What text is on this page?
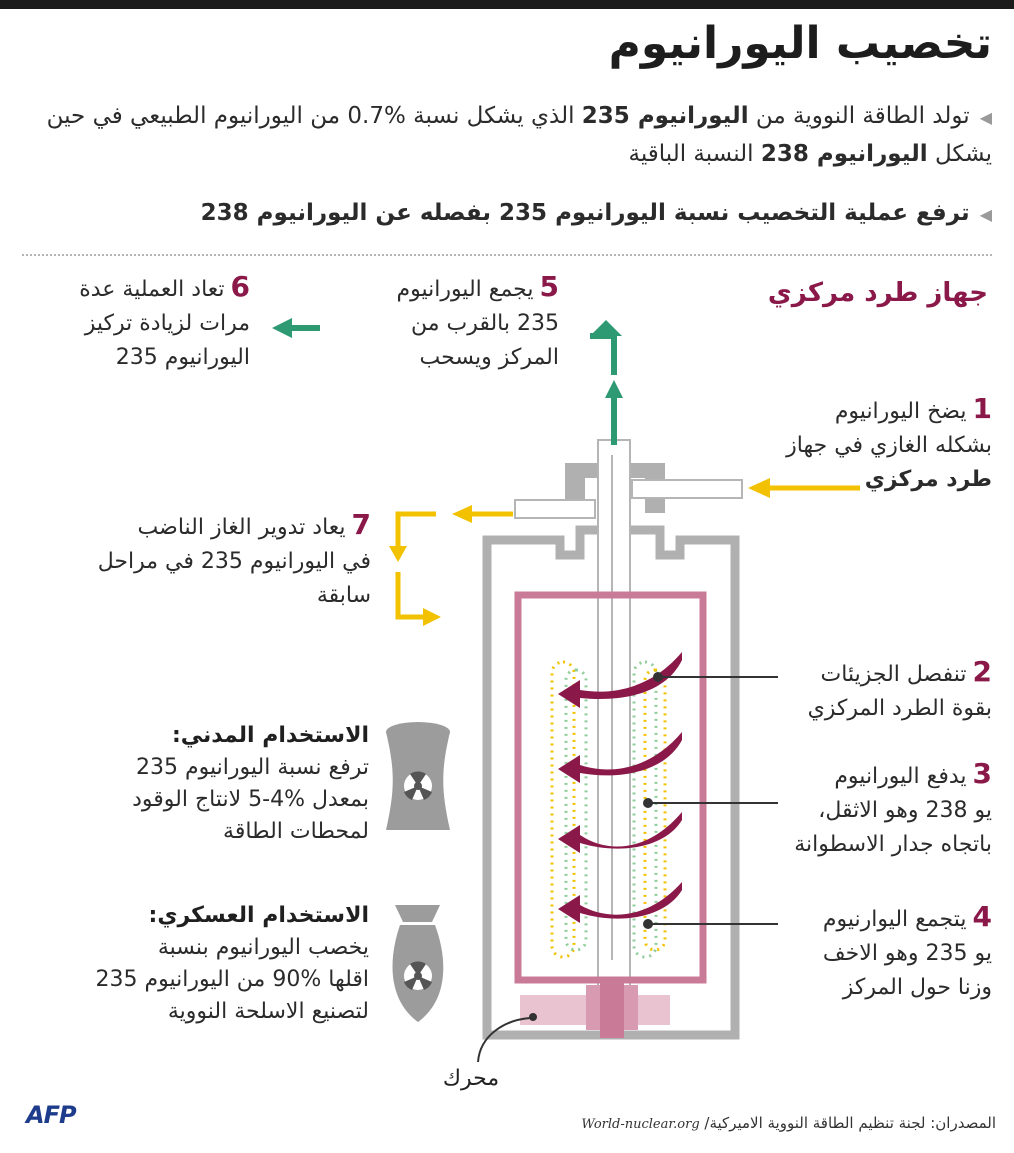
تخصيب اليورانيوم
◀تولد الطاقة النووية من اليورانيوم 235 الذي يشكل نسبة %0.7 من اليورانيوم الطبيعي في حين يشكل اليورانيوم 238 النسبة الباقية
◀ترفع عملية التخصيب نسبة اليورانيوم 235 بفصله عن اليورانيوم 238
جهاز طرد مركزي
1يضخ اليورانيوم
بشكله الغازي في جهاز
طرد مركزي
5يجمع اليورانيوم
235 بالقرب من
المركز ويسحب
6تعاد العملية عدة
مرات لزيادة تركيز
اليورانيوم 235
7يعاد تدوير الغاز الناضب
في اليورانيوم 235 في مراحل
سابقة
2تنفصل الجزيئات
بقوة الطرد المركزي
3يدفع اليورانيوم
يو 238 وهو الاثقل،
باتجاه جدار الاسطوانة
4يتجمع اليوارنيوم
يو 235 وهو الاخف
وزنا حول المركز
الاستخدام المدني:
ترفع نسبة اليورانيوم 235
بمعدل %4-5 لانتاج الوقود
لمحطات الطاقة
الاستخدام العسكري:
يخصب اليورانيوم بنسبة
اقلها %90 من اليورانيوم 235
لتصنيع الاسلحة النووية
محرك
AFP	المصدران: لجنة تنظيم الطاقة النووية الاميركية/ World-nuclear.org
